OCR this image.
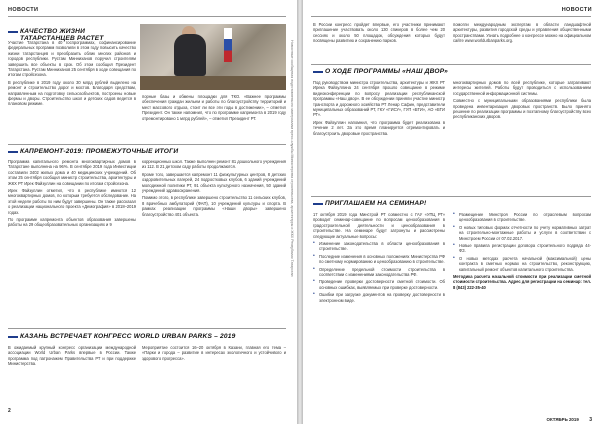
НОВОСТИ
КАЧЕСТВО ЖИЗНИ ТАТАРСТАНЦЕВ РАСТЕТ

Участие Татарстана в 40 госпрограммах, софинансирование федеральных программ позволили в этом году повысить качество жизни татарстанцев и преобразить облик многих районов и городов республики. Рустам Минниханов поручил строителям завершить все объекты в срок. Об этом сообщил Президент Татарстана. Рустам Минниханов 25 сентября в ходе совещания по итогам стройсезона.

В республике в 2019 году около 30 млрд рублей выделено на ремонт и строительство дорог и мостов. Благодаря средствам, направленным на подготовку сельхозобъектов, построены новые фермы и дворы. Строительство школ и детских садов ведется в плановом режиме.

порные базы и обмены площадки для ТКО. «Важнее программы обеспечения граждан жильем и работы по благоустройству территорий и мест массового отдыха, стоит ли все эти годы в достижении», – отметил Президент. Он также напомнил, что по программе капремонта в 2019 году отремонтировано 1 млрд рублей», – отметил Президент РТ.

КАПРЕМОНТ-2019: ПРОМЕЖУТОЧНЫЕ ИТОГИ

Программа капитального ремонта многоквартирных домов в Татарстане выполнена на 96%. В сентябре 2019 года Инвестиции составили 3402 жилых дома и 40 медицинских учреждений. Об этом 25 сентября сообщил министр строительства, архитектуры и ЖКХ РТ Ирек Файзуллин на совещании по итогам стройсезона.

Ирек Файзуллин отметил, что в республике имеются 12 многоквартирных домов, по которым требуется обследование. На этой неделе работы по ним будут завершены. Он также рассказал о реализации национального проекта «Демография» в 2018–2019 годах.

По программе капремонта объектов образования завершены работы на 29 общеобразовательных организациях и 9

коррекционных школ. Также выполнен ремонт 81 дошкольного учреждения из 112. В 21 детском саду работы продолжаются.

Кроме того, завершается капремонт 11 физкультурных центров, 8 детских оздоровительных лагерей, 24 подростковых клубов, 6 зданий учреждений молодежной политики РТ, 91 объекта культурного назначения, 50 зданий учреждений здравоохранения.

Помимо этого, в республике завершено строительство 11 сельских клубов, 8 врачебных амбулаторий (ФАП), 10 учреждений культуры и спорта. В рамках реализации программы «Наши дворы» завершено благоустройство 401 объекта.

КАЗАНЬ ВСТРЕЧАЕТ КОНГРЕСС WORLD URBAN PARKS – 2019

В ожидаемый крупный конгресс организации международной ассоциации World Urban Parks впервые в России. Также программа под патронажем Правительства РТ и при поддержке Министерства.

Мероприятие состоится 16–20 октября в Казани, главная его тема – «Парки и города – развитие в интересах экологичного и устойчивого и здорового прогресса».

Новостные сообщения подготовлены по материалам пресс-службы Министерства строительства, архитектуры и ЖКХ Республики Татарстан
2
НОВОСТИ

В России конгресс пройдет впервые, его участники принимают приглашение участвовать около 130 спикеров в более чем 20 сессиях и около 50 площадок, обсуждения которых будут посвящены развитию и сохранению парков.

помогли международным экспертам в области ландшафтной архитектуры, развития городской среды и управления общественными пространствами. Узнать подробнее о конгрессе можно на официальном сайте www.worldurbanparks.org.

О ХОДЕ ПРОГРАММЫ «НАШ ДВОР»

Под руководством министра строительства, архитектуры и ЖКХ РТ Ирека Файзуллина 24 сентября прошло совещание в режиме видеоконференции по вопросу реализации республиканской программы «Наш двор». В ее обсуждении приняли участие министр транспорта и дорожного хозяйства РТ Ленар Сафин, представители муниципальных образований РТ, ГКУ «ГИСУ», ГУП «БТИ», АО «БТИ РТ».

Ирек Файзуллин напомнил, что программа будет реализована в течение 2 лет. За это время планируется отремонтировать и благоустроить дворовые пространства.

многоквартирных домов по всей республике, которые затрагивают интересы жителей. Работы будут проводиться с использованием государственной информационной системы.

Совместно с муниципальными образованиями республики была проведена инвентаризация дворовых пространств. Было принято решение по реализации программы и поэтапному благоустройству всех республиканских дворов.

ПРИГЛАШАЕМ НА СЕМИНАР!

17 октября 2019 года Минстрой РТ совместно с ГАУ «УПЦ РТ» проводит семинар-совещание по вопросам ценообразования в градостроительной деятельности и ценообразования в строительстве. На семинаре будут затронуты и рассмотрены следующие актуальные вопросы:

• Изменение законодательства в области ценообразования в строительстве.
• Последние изменения в основных положениях Министерства РФ по сметному нормированию и ценообразованию в строительстве.
• Определение предельной стоимости строительства в соответствии с изменениями законодательства РФ.
• Проведение проверки достоверности сметной стоимости. Об основных ошибках, выявляемых при проверке достоверности.
• Ошибки при загрузке документов на проверку достоверности в электронном виде.
• Размещение Минстроя России по отраслевым вопросам ценообразования в строительстве.
• О новых типовых формах отчетности по учету нормативных затрат на строительно-монтажные работы и услуги в соответствии с Минстроем России от 07.02.2017.
• Новые правила регистрации договора строительного подряда 44-ФЗ.
• О новых методах расчета начальной (максимальной) цены контракта в сметных нормах на строительство, реконструкцию, капитальный ремонт объектов капитального строительства.

Методика расчета начальной стоимости при реализации сметной стоимости строительства. Адрес для регистрации на семинар: тел. 8 (843) 222-35-40

ОКТЯБРЬ 2019 3
